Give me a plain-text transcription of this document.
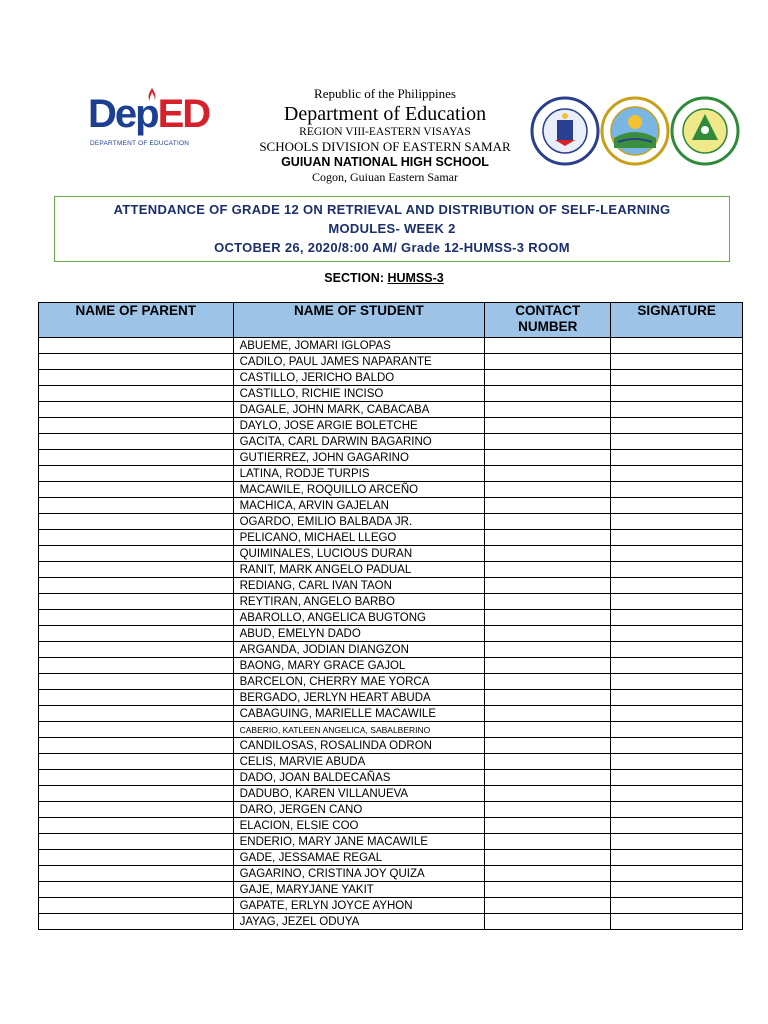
DepED
DEPARTMENT OF EDUCATION
Republic of the Philippines
Department of Education
REGION VIII-EASTERN VISAYAS
SCHOOLS DIVISION OF EASTERN SAMAR
GUIUAN NATIONAL HIGH SCHOOL
Cogon, Guiuan Eastern Samar
ATTENDANCE OF GRADE 12 ON RETRIEVAL AND DISTRIBUTION OF SELF-LEARNING
MODULES- WEEK 2
OCTOBER 26, 2020/8:00 AM/ Grade 12-HUMSS-3 ROOM
SECTION: HUMSS-3
NAME OF PARENT	NAME OF STUDENT	CONTACT NUMBER	SIGNATURE
	ABUEME, JOMARI IGLOPAS		
	CADILO, PAUL JAMES NAPARANTE		
	CASTILLO, JERICHO BALDO		
	CASTILLO, RICHIE INCISO		
	DAGALE, JOHN MARK, CABACABA		
	DAYLO, JOSE ARGIE BOLETCHE		
	GACITA, CARL DARWIN BAGARINO		
	GUTIERREZ, JOHN GAGARINO		
	LATINA, RODJE TURPIS		
	MACAWILE, ROQUILLO ARCEÑO		
	MACHICA, ARVIN GAJELAN		
	OGARDO, EMILIO BALBADA JR.		
	PELICANO, MICHAEL LLEGO		
	QUIMINALES, LUCIOUS DURAN		
	RANIT, MARK ANGELO PADUAL		
	REDIANG, CARL IVAN TAON		
	REYTIRAN, ANGELO BARBO		
	ABAROLLO, ANGELICA BUGTONG		
	ABUD, EMELYN DADO		
	ARGANDA, JODIAN DIANGZON		
	BAONG, MARY GRACE GAJOL		
	BARCELON, CHERRY MAE YORCA		
	BERGADO, JERLYN HEART ABUDA		
	CABAGUING, MARIELLE MACAWILE		
	CABERIO, KATLEEN ANGELICA, SABALBERINO		
	CANDILOSAS, ROSALINDA ODRON		
	CELIS, MARVIE ABUDA		
	DADO, JOAN BALDECAÑAS		
	DADUBO, KAREN VILLANUEVA		
	DARO, JERGEN CANO		
	ELACION, ELSIE COO		
	ENDERIO, MARY JANE MACAWILE		
	GADE, JESSAMAE REGAL		
	GAGARINO, CRISTINA JOY QUIZA		
	GAJE, MARYJANE YAKIT		
	GAPATE, ERLYN JOYCE AYHON		
	JAYAG, JEZEL ODUYA		
